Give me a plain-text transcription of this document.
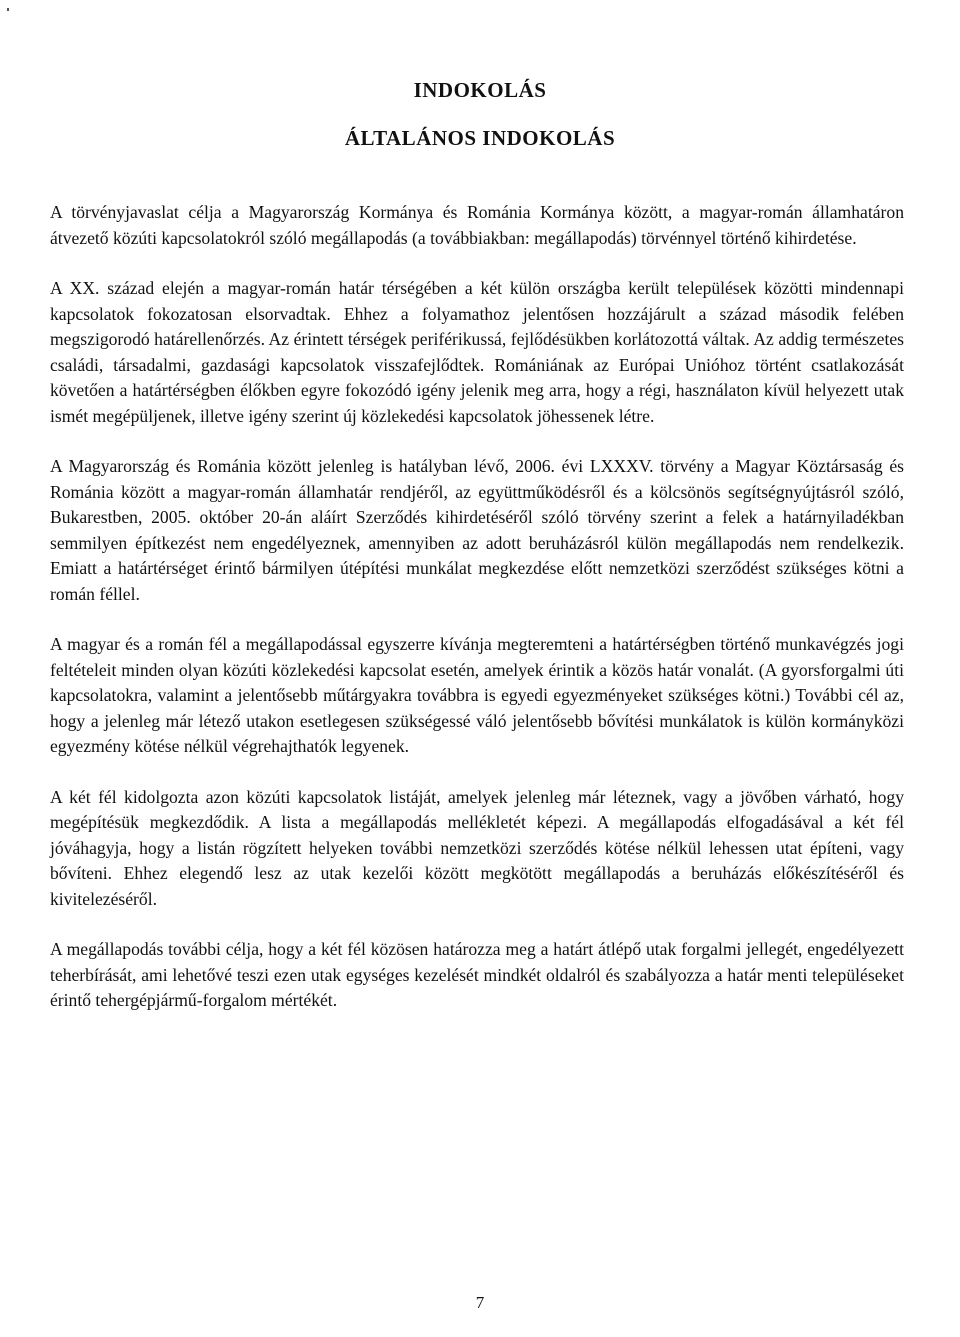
INDOKOLÁS
ÁLTALÁNOS INDOKOLÁS

A törvényjavaslat célja a Magyarország Kormánya és Románia Kormánya között, a magyar-román államhatáron átvezető közúti kapcsolatokról szóló megállapodás (a továbbiakban: megállapodás) törvénnyel történő kihirdetése.

A XX. század elején a magyar-román határ térségében a két külön országba került települések közötti mindennapi kapcsolatok fokozatosan elsorvadtak. Ehhez a folyamathoz jelentősen hozzájárult a század második felében megszigorodó határellenőrzés. Az érintett térségek periférikussá, fejlődésükben korlátozottá váltak. Az addig természetes családi, társadalmi, gazdasági kapcsolatok visszafejlődtek. Romániának az Európai Unióhoz történt csatlakozását követően a határtérségben élőkben egyre fokozódó igény jelenik meg arra, hogy a régi, használaton kívül helyezett utak ismét megépüljenek, illetve igény szerint új közlekedési kapcsolatok jöhessenek létre.

A Magyarország és Románia között jelenleg is hatályban lévő, 2006. évi LXXXV. törvény a Magyar Köztársaság és Románia között a magyar-román államhatár rendjéről, az együttműködésről és a kölcsönös segítségnyújtásról szóló, Bukarestben, 2005. október 20-án aláírt Szerződés kihirdetéséről szóló törvény szerint a felek a határnyiladékban semmilyen építkezést nem engedélyeznek, amennyiben az adott beruházásról külön megállapodás nem rendelkezik. Emiatt a határtérséget érintő bármilyen útépítési munkálat megkezdése előtt nemzetközi szerződést szükséges kötni a román féllel.

A magyar és a román fél a megállapodással egyszerre kívánja megteremteni a határtérségben történő munkavégzés jogi feltételeit minden olyan közúti közlekedési kapcsolat esetén, amelyek érintik a közös határ vonalát. (A gyorsforgalmi úti kapcsolatokra, valamint a jelentősebb műtárgyakra továbbra is egyedi egyezményeket szükséges kötni.) További cél az, hogy a jelenleg már létező utakon esetlegesen szükségessé váló jelentősebb bővítési munkálatok is külön kormányközi egyezmény kötése nélkül végrehajthatók legyenek.

A két fél kidolgozta azon közúti kapcsolatok listáját, amelyek jelenleg már léteznek, vagy a jövőben várható, hogy megépítésük megkezdődik. A lista a megállapodás mellékletét képezi. A megállapodás elfogadásával a két fél jóváhagyja, hogy a listán rögzített helyeken további nemzetközi szerződés kötése nélkül lehessen utat építeni, vagy bővíteni. Ehhez elegendő lesz az utak kezelői között megkötött megállapodás a beruházás előkészítéséről és kivitelezéséről.

A megállapodás további célja, hogy a két fél közösen határozza meg a határt átlépő utak forgalmi jellegét, engedélyezett teherbírását, ami lehetővé teszi ezen utak egységes kezelését mindkét oldalról és szabályozza a határ menti településeket érintő tehergépjármű-forgalom mértékét.

7
